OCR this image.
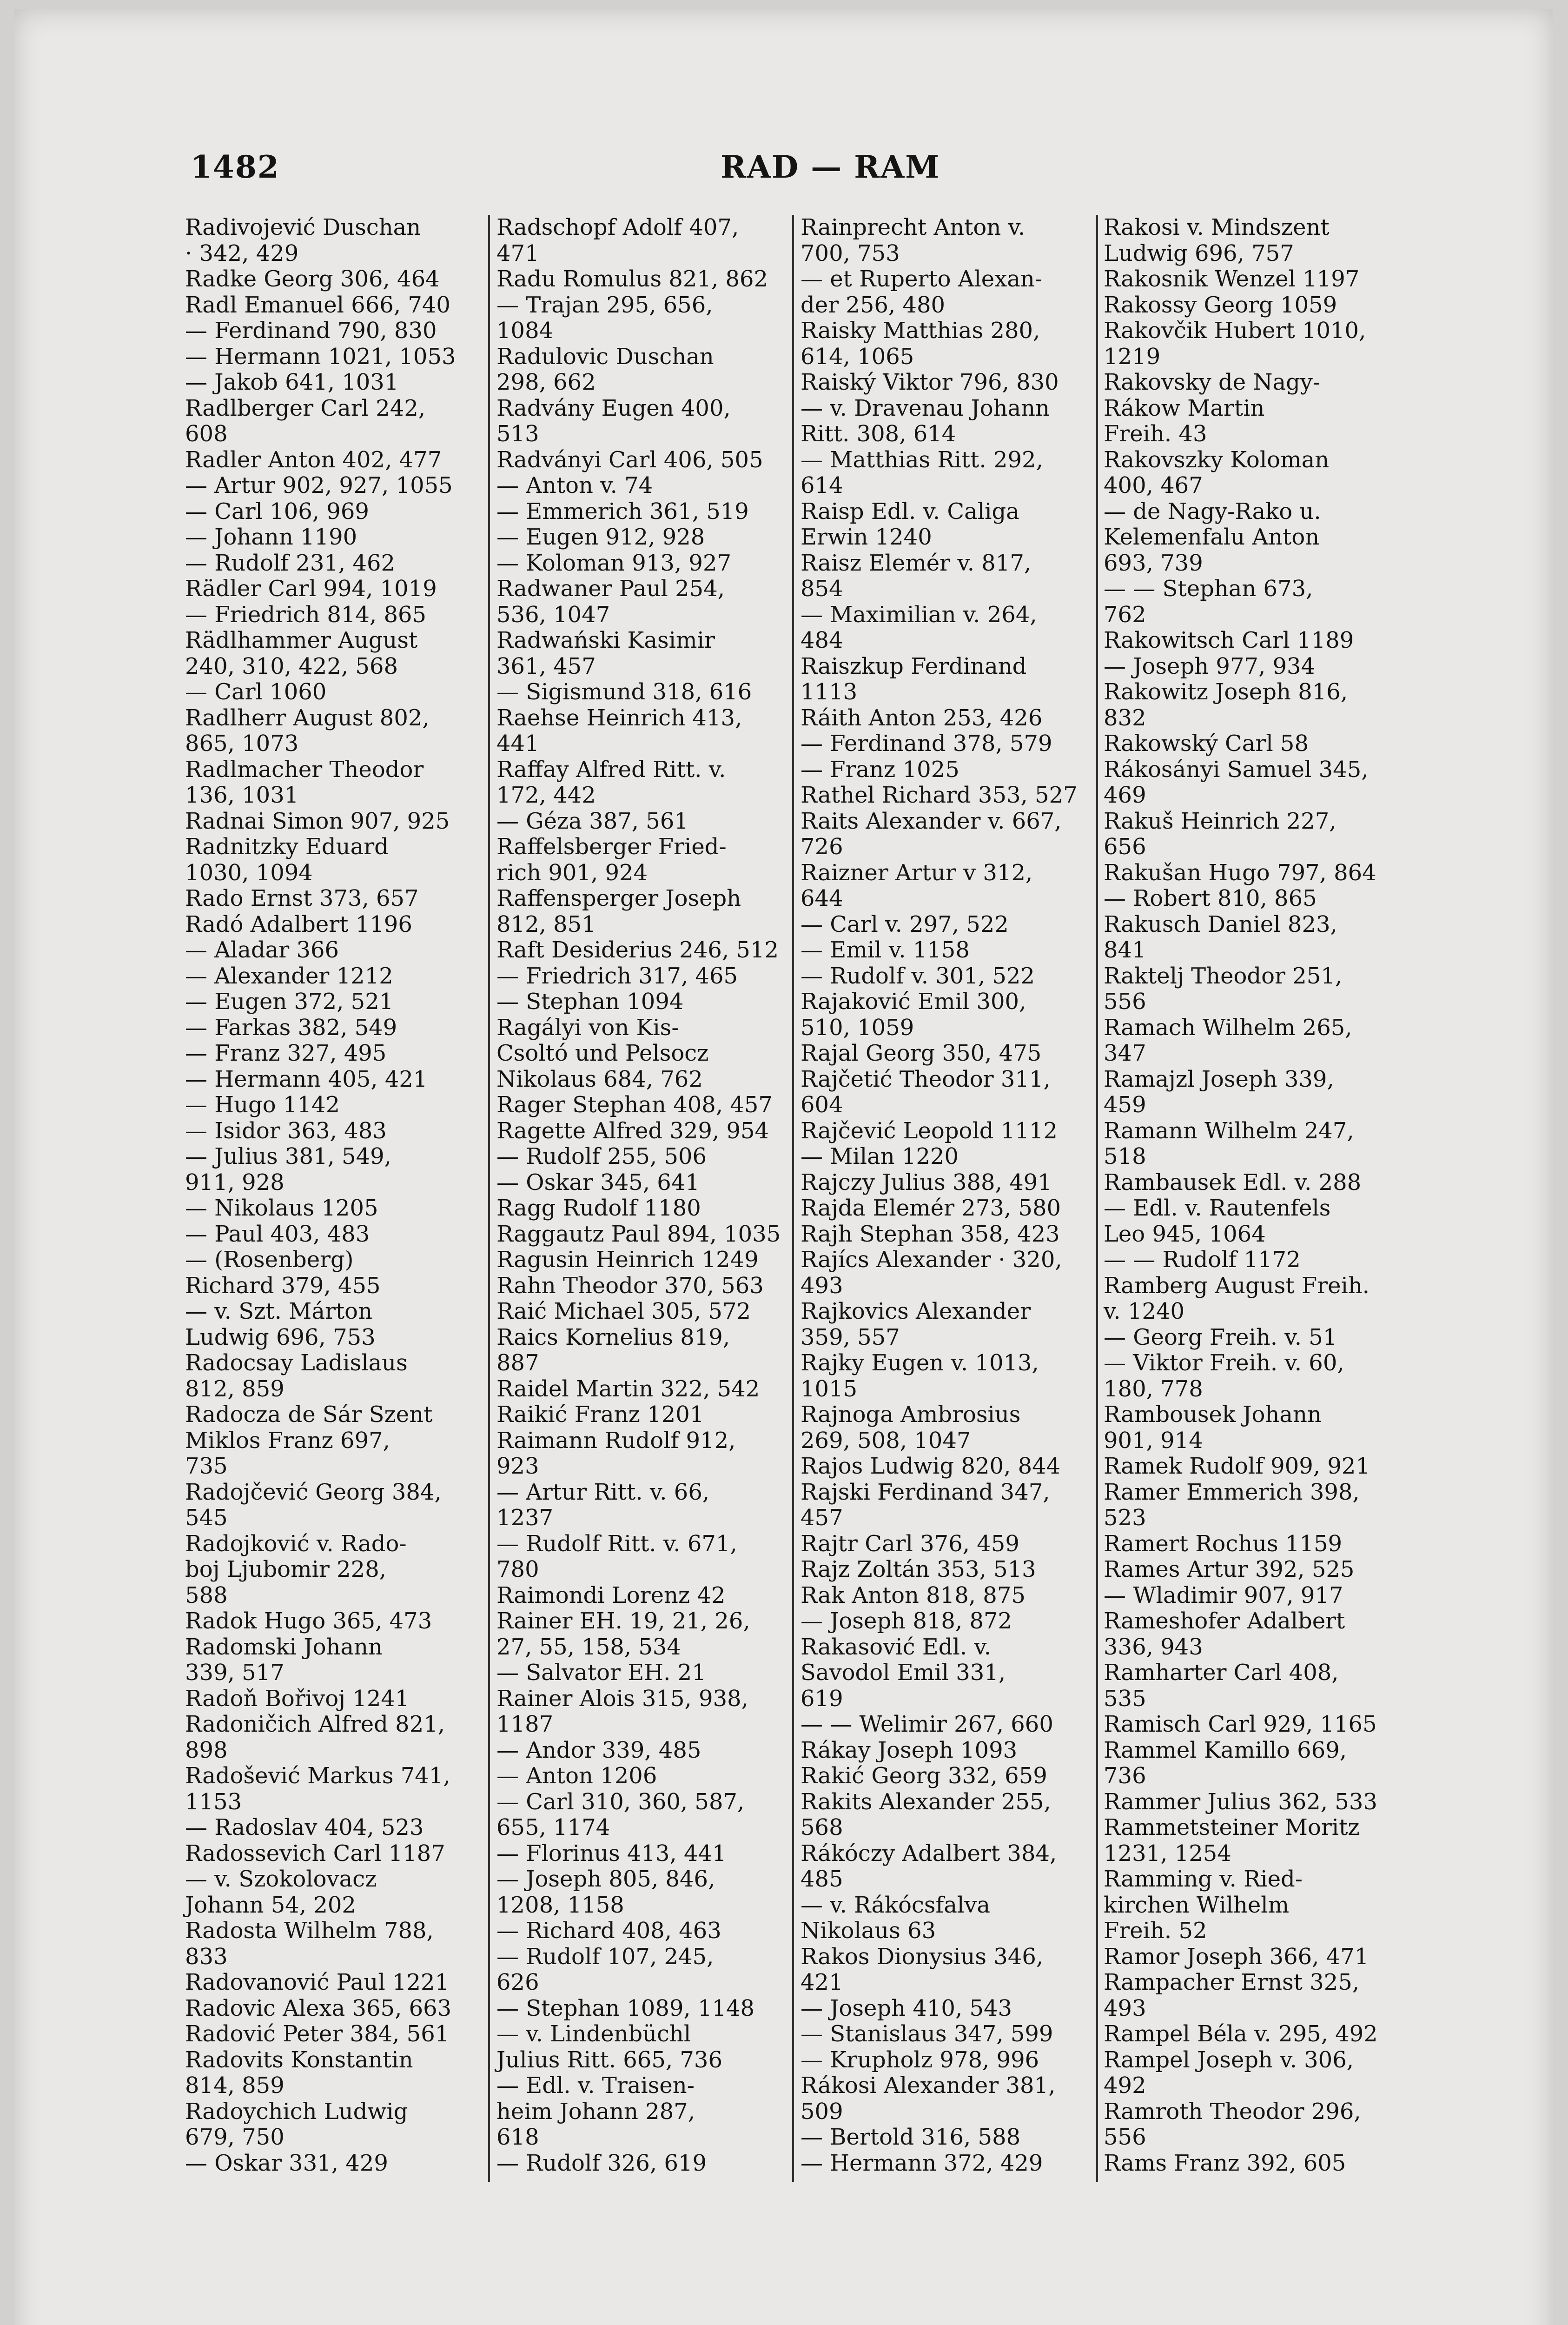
1482	RAD — RAM
Radivojević Duschan
· 342, 429
Radke Georg 306, 464
Radl Emanuel 666, 740
— Ferdinand 790, 830
— Hermann 1021, 1053
— Jakob 641, 1031
Radlberger Carl 242,
608
Radler Anton 402, 477
— Artur 902, 927, 1055
— Carl 106, 969
— Johann 1190
— Rudolf 231, 462
Rädler Carl 994, 1019
— Friedrich 814, 865
Rädlhammer August
240, 310, 422, 568
— Carl 1060
Radlherr August 802,
865, 1073
Radlmacher Theodor
136, 1031
Radnai Simon 907, 925
Radnitzky Eduard
1030, 1094
Rado Ernst 373, 657
Radó Adalbert 1196
— Aladar 366
— Alexander 1212
— Eugen 372, 521
— Farkas 382, 549
— Franz 327, 495
— Hermann 405, 421
— Hugo 1142
— Isidor 363, 483
— Julius 381, 549,
911, 928
— Nikolaus 1205
— Paul 403, 483
— (Rosenberg)
Richard 379, 455
— v. Szt. Márton
Ludwig 696, 753
Radocsay Ladislaus
812, 859
Radocza de Sár Szent
Miklos Franz 697,
735
Radojčević Georg 384,
545
Radojković v. Rado-
boj Ljubomir 228,
588
Radok Hugo 365, 473
Radomski Johann
339, 517
Radoň Bořivoj 1241
Radoničich Alfred 821,
898
Radošević Markus 741,
1153
— Radoslav 404, 523
Radossevich Carl 1187
— v. Szokolovacz
Johann 54, 202
Radosta Wilhelm 788,
833
Radovanović Paul 1221
Radovic Alexa 365, 663
Radović Peter 384, 561
Radovits Konstantin
814, 859
Radoychich Ludwig
679, 750
— Oskar 331, 429
Radschopf Adolf 407,
471
Radu Romulus 821, 862
— Trajan 295, 656,
1084
Radulovic Duschan
298, 662
Radvány Eugen 400,
513
Radványi Carl 406, 505
— Anton v. 74
— Emmerich 361, 519
— Eugen 912, 928
— Koloman 913, 927
Radwaner Paul 254,
536, 1047
Radwański Kasimir
361, 457
— Sigismund 318, 616
Raehse Heinrich 413,
441
Raffay Alfred Ritt. v.
172, 442
— Géza 387, 561
Raffelsberger Fried-
rich 901, 924
Raffensperger Joseph
812, 851
Raft Desiderius 246, 512
— Friedrich 317, 465
— Stephan 1094
Ragályi von Kis-
Csoltó und Pelsocz
Nikolaus 684, 762
Rager Stephan 408, 457
Ragette Alfred 329, 954
— Rudolf 255, 506
— Oskar 345, 641
Ragg Rudolf 1180
Raggautz Paul 894, 1035
Ragusin Heinrich 1249
Rahn Theodor 370, 563
Raić Michael 305, 572
Raics Kornelius 819,
887
Raidel Martin 322, 542
Raikić Franz 1201
Raimann Rudolf 912,
923
— Artur Ritt. v. 66,
1237
— Rudolf Ritt. v. 671,
780
Raimondi Lorenz 42
Rainer EH. 19, 21, 26,
27, 55, 158, 534
— Salvator EH. 21
Rainer Alois 315, 938,
1187
— Andor 339, 485
— Anton 1206
— Carl 310, 360, 587,
655, 1174
— Florinus 413, 441
— Joseph 805, 846,
1208, 1158
— Richard 408, 463
— Rudolf 107, 245,
626
— Stephan 1089, 1148
— v. Lindenbüchl
Julius Ritt. 665, 736
— Edl. v. Traisen-
heim Johann 287,
618
— Rudolf 326, 619
Rainprecht Anton v.
700, 753
— et Ruperto Alexan-
der 256, 480
Raisky Matthias 280,
614, 1065
Raiský Viktor 796, 830
— v. Dravenau Johann
Ritt. 308, 614
— Matthias Ritt. 292,
614
Raisp Edl. v. Caliga
Erwin 1240
Raisz Elemér v. 817,
854
— Maximilian v. 264,
484
Raiszkup Ferdinand
1113
Ráith Anton 253, 426
— Ferdinand 378, 579
— Franz 1025
Rathel Richard 353, 527
Raits Alexander v. 667,
726
Raizner Artur v 312,
644
— Carl v. 297, 522
— Emil v. 1158
— Rudolf v. 301, 522
Rajaković Emil 300,
510, 1059
Rajal Georg 350, 475
Rajčetić Theodor 311,
604
Rajčević Leopold 1112
— Milan 1220
Rajczy Julius 388, 491
Rajda Elemér 273, 580
Rajh Stephan 358, 423
Rajícs Alexander · 320,
493
Rajkovics Alexander
359, 557
Rajky Eugen v. 1013,
1015
Rajnoga Ambrosius
269, 508, 1047
Rajos Ludwig 820, 844
Rajski Ferdinand 347,
457
Rajtr Carl 376, 459
Rajz Zoltán 353, 513
Rak Anton 818, 875
— Joseph 818, 872
Rakasović Edl. v.
Savodol Emil 331,
619
— — Welimir 267, 660
Rákay Joseph 1093
Rakić Georg 332, 659
Rakits Alexander 255,
568
Rákóczy Adalbert 384,
485
— v. Rákócsfalva
Nikolaus 63
Rakos Dionysius 346,
421
— Joseph 410, 543
— Stanislaus 347, 599
— Krupholz 978, 996
Rákosi Alexander 381,
509
— Bertold 316, 588
— Hermann 372, 429
Rakosi v. Mindszent
Ludwig 696, 757
Rakosnik Wenzel 1197
Rakossy Georg 1059
Rakovčik Hubert 1010,
1219
Rakovsky de Nagy-
Rákow Martin
Freih. 43
Rakovszky Koloman
400, 467
— de Nagy-Rako u.
Kelemenfalu Anton
693, 739
— — Stephan 673,
762
Rakowitsch Carl 1189
— Joseph 977, 934
Rakowitz Joseph 816,
832
Rakowský Carl 58
Rákosányi Samuel 345,
469
Rakuš Heinrich 227,
656
Rakušan Hugo 797, 864
— Robert 810, 865
Rakusch Daniel 823,
841
Raktelj Theodor 251,
556
Ramach Wilhelm 265,
347
Ramajzl Joseph 339,
459
Ramann Wilhelm 247,
518
Rambausek Edl. v. 288
— Edl. v. Rautenfels
Leo 945, 1064
— — Rudolf 1172
Ramberg August Freih.
v. 1240
— Georg Freih. v. 51
— Viktor Freih. v. 60,
180, 778
Rambousek Johann
901, 914
Ramek Rudolf 909, 921
Ramer Emmerich 398,
523
Ramert Rochus 1159
Rames Artur 392, 525
— Wladimir 907, 917
Rameshofer Adalbert
336, 943
Ramharter Carl 408,
535
Ramisch Carl 929, 1165
Rammel Kamillo 669,
736
Rammer Julius 362, 533
Rammetsteiner Moritz
1231, 1254
Ramming v. Ried-
kirchen Wilhelm
Freih. 52
Ramor Joseph 366, 471
Rampacher Ernst 325,
493
Rampel Béla v. 295, 492
Rampel Joseph v. 306,
492
Ramroth Theodor 296,
556
Rams Franz 392, 605
